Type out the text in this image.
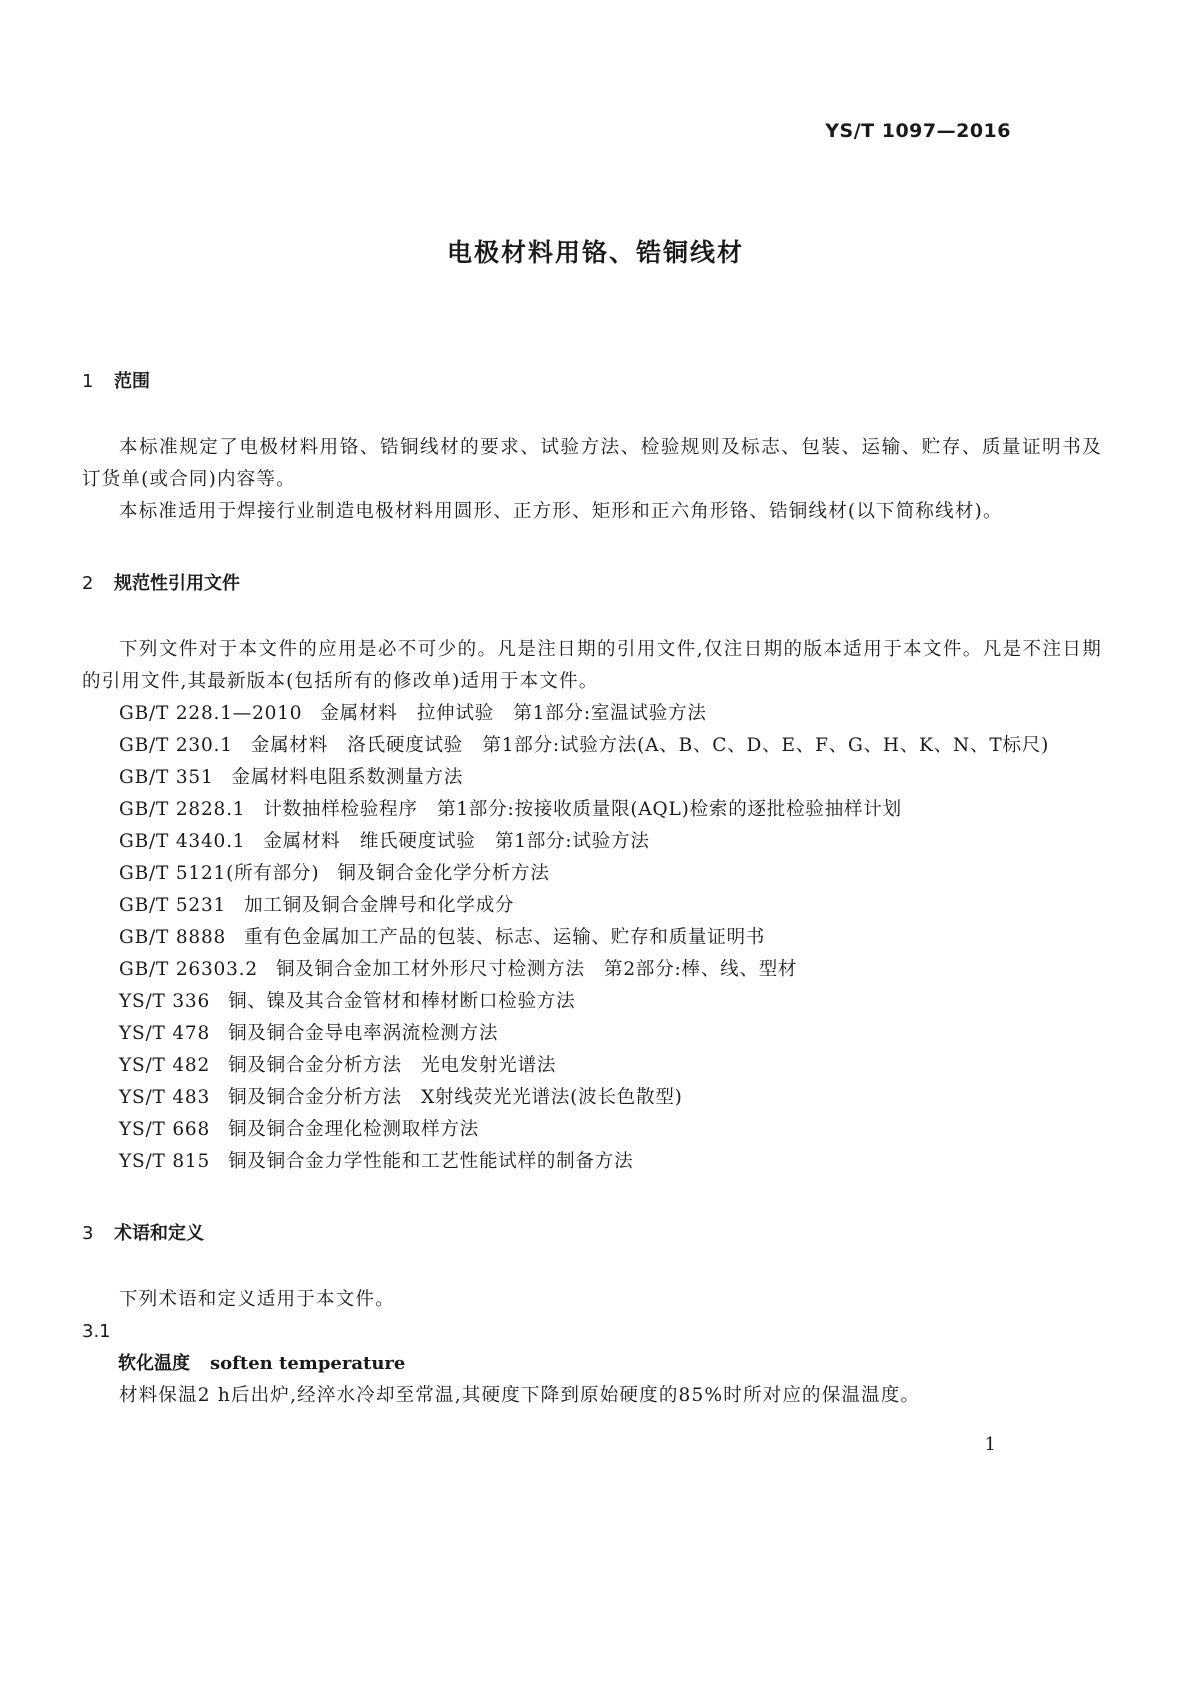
YS/T 1097—2016
电极材料用铬、锆铜线材

1 范围

本标准规定了电极材料用铬、锆铜线材的要求、试验方法、检验规则及标志、包装、运输、贮存、质量证明书及订货单(或合同)内容等。

本标准适用于焊接行业制造电极材料用圆形、正方形、矩形和正六角形铬、锆铜线材(以下简称线材)。

2 规范性引用文件

下列文件对于本文件的应用是必不可少的。凡是注日期的引用文件,仅注日期的版本适用于本文件。凡是不注日期的引用文件,其最新版本(包括所有的修改单)适用于本文件。

GB/T 228.1—2010 金属材料　拉伸试验　第1部分:室温试验方法

GB/T 230.1 金属材料　洛氏硬度试验　第1部分:试验方法(A、B、C、D、E、F、G、H、K、N、T标尺)

GB/T 351 金属材料电阻系数测量方法

GB/T 2828.1 计数抽样检验程序　第1部分:按接收质量限(AQL)检索的逐批检验抽样计划

GB/T 4340.1 金属材料　维氏硬度试验　第1部分:试验方法

GB/T 5121(所有部分) 铜及铜合金化学分析方法

GB/T 5231 加工铜及铜合金牌号和化学成分

GB/T 8888 重有色金属加工产品的包装、标志、运输、贮存和质量证明书

GB/T 26303.2 铜及铜合金加工材外形尺寸检测方法　第2部分:棒、线、型材

YS/T 336 铜、镍及其合金管材和棒材断口检验方法

YS/T 478 铜及铜合金导电率涡流检测方法

YS/T 482 铜及铜合金分析方法　光电发射光谱法

YS/T 483 铜及铜合金分析方法　X射线荧光光谱法(波长色散型)

YS/T 668 铜及铜合金理化检测取样方法

YS/T 815 铜及铜合金力学性能和工艺性能试样的制备方法

3 术语和定义

下列术语和定义适用于本文件。

3.1

软化温度 soften temperature

材料保温2 h后出炉,经淬水冷却至常温,其硬度下降到原始硬度的85%时所对应的保温温度。

1
